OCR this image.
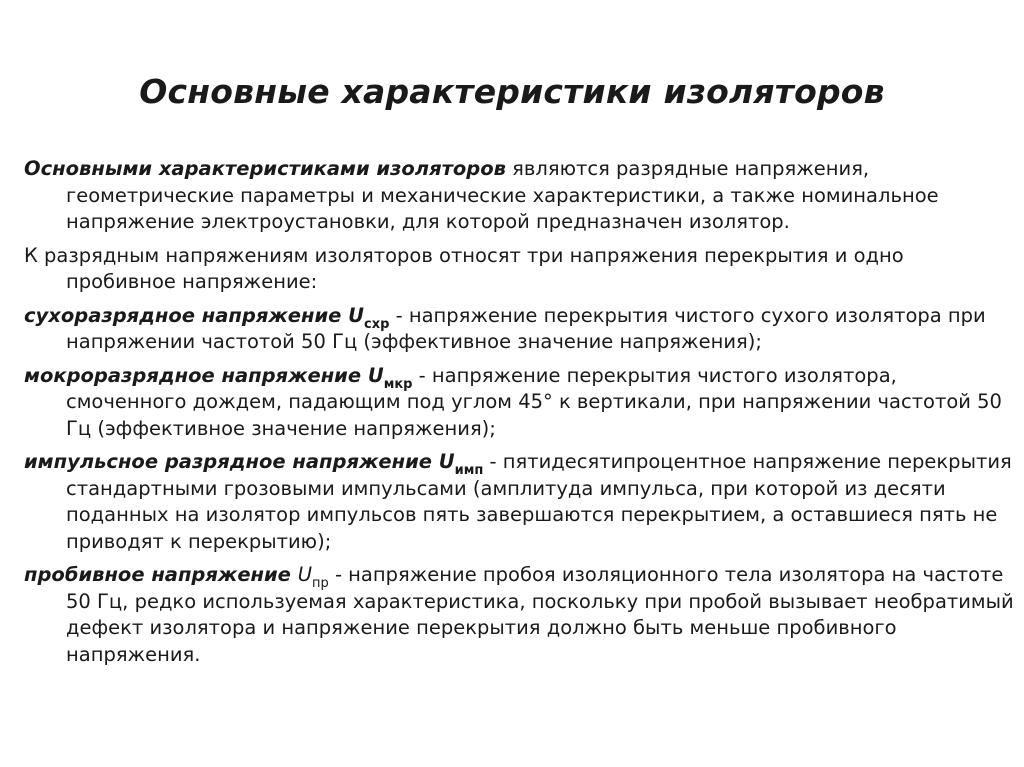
Основные характеристики изоляторов

Основными характеристиками изоляторов являются разрядные напряжения, геометрические параметры и механические характеристики, а также номинальное напряжение электроустановки, для которой предназначен изолятор.

К разрядным напряжениям изоляторов относят три напряжения перекрытия и одно пробивное напряжение:

сухоразрядное напряжение $U_{схр}$ - напряжение перекрытия чистого сухого изолятора при напряжении частотой 50 Гц (эффективное значение напряжения);

мокроразрядное напряжение $U_{мкр}$ - напряжение перекрытия чистого изолятора, смоченного дождем, падающим под углом 45° к вертикали, при напряжении частотой 50 Гц (эффективное значение напряжения);

импульсное разрядное напряжение $U_{имп}$ - пятидесятипроцентное напряжение перекрытия стандартными грозовыми импульсами (амплитуда импульса, при которой из десяти поданных на изолятор импульсов пять завершаются перекрытием, а оставшиеся пять не приводят к перекрытию);

пробивное напряжение $U_{пр}$ - напряжение пробоя изоляционного тела изолятора на частоте 50 Гц, редко используемая характеристика, поскольку при пробой вызывает необратимый дефект изолятора и напряжение перекрытия должно быть меньше пробивного напряжения.
